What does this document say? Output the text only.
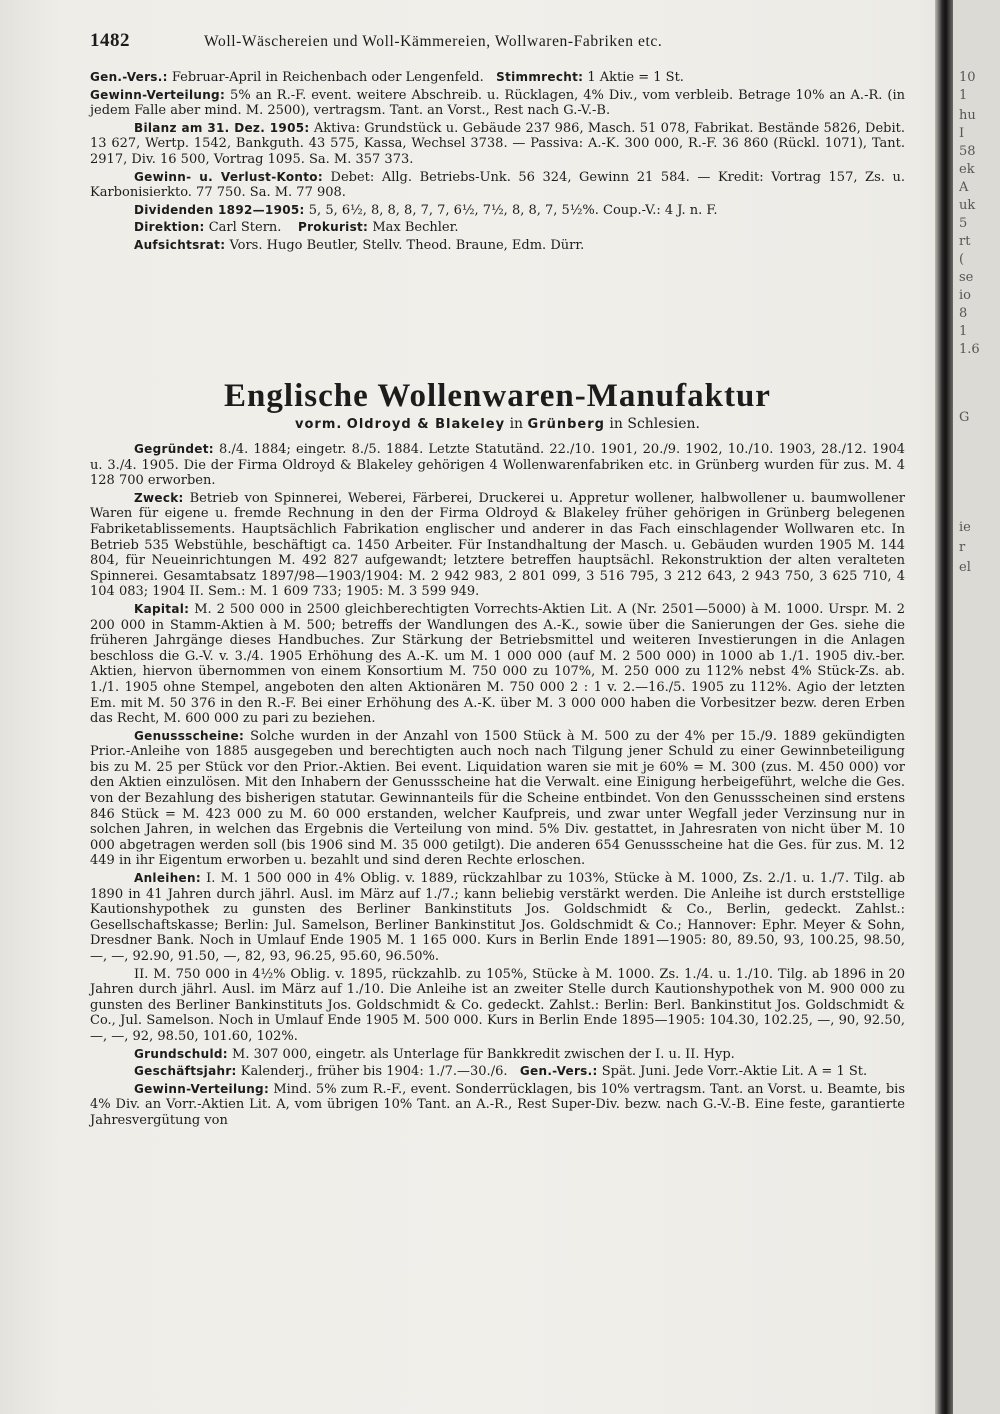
1482	Woll-Wäschereien und Woll-Kämmereien, Wollwaren-Fabriken etc.

Gen.-Vers.: Februar-April in Reichenbach oder Lengenfeld. Stimmrecht: 1 Aktie = 1 St.

Gewinn-Verteilung: 5% an R.-F. event. weitere Abschreib. u. Rücklagen, 4% Div., vom verbleib. Betrage 10% an A.-R. (in jedem Falle aber mind. M. 2500), vertragsm. Tant. an Vorst., Rest nach G.-V.-B.

Bilanz am 31. Dez. 1905: Aktiva: Grundstück u. Gebäude 237 986, Masch. 51 078, Fabrikat. Bestände 5826, Debit. 13 627, Wertp. 1542, Bankguth. 43 575, Kassa, Wechsel 3738. — Passiva: A.-K. 300 000, R.-F. 36 860 (Rückl. 1071), Tant. 2917, Div. 16 500, Vortrag 1095. Sa. M. 357 373.

Gewinn- u. Verlust-Konto: Debet: Allg. Betriebs-Unk. 56 324, Gewinn 21 584. — Kredit: Vortrag 157, Zs. u. Karbonisierkto. 77 750. Sa. M. 77 908.

Dividenden 1892—1905: 5, 5, 6½, 8, 8, 8, 7, 7, 6½, 7½, 8, 8, 7, 5½%. Coup.-V.: 4 J. n. F.

Direktion: Carl Stern. Prokurist: Max Bechler.

Aufsichtsrat: Vors. Hugo Beutler, Stellv. Theod. Braune, Edm. Dürr.

Englische Wollenwaren-Manufaktur
vorm. Oldroyd & Blakeley in Grünberg in Schlesien.

Gegründet: 8./4. 1884; eingetr. 8./5. 1884. Letzte Statutänd. 22./10. 1901, 20./9. 1902, 10./10. 1903, 28./12. 1904 u. 3./4. 1905. Die der Firma Oldroyd & Blakeley gehörigen 4 Wollenwarenfabriken etc. in Grünberg wurden für zus. M. 4 128 700 erworben.

Zweck: Betrieb von Spinnerei, Weberei, Färberei, Druckerei u. Appretur wollener, halbwollener u. baumwollener Waren für eigene u. fremde Rechnung in den der Firma Oldroyd & Blakeley früher gehörigen in Grünberg belegenen Fabriketablissements. Hauptsächlich Fabrikation englischer und anderer in das Fach einschlagender Wollwaren etc. In Betrieb 535 Webstühle, beschäftigt ca. 1450 Arbeiter. Für Instandhaltung der Masch. u. Gebäuden wurden 1905 M. 144 804, für Neueinrichtungen M. 492 827 aufgewandt; letztere betreffen hauptsächl. Rekonstruktion der alten veralteten Spinnerei. Gesamtabsatz 1897/98—1903/1904: M. 2 942 983, 2 801 099, 3 516 795, 3 212 643, 2 943 750, 3 625 710, 4 104 083; 1904 II. Sem.: M. 1 609 733; 1905: M. 3 599 949.

Kapital: M. 2 500 000 in 2500 gleichberechtigten Vorrechts-Aktien Lit. A (Nr. 2501—5000) à M. 1000. Urspr. M. 2 200 000 in Stamm-Aktien à M. 500; betreffs der Wandlungen des A.-K., sowie über die Sanierungen der Ges. siehe die früheren Jahrgänge dieses Handbuches. Zur Stärkung der Betriebsmittel und weiteren Investierungen in die Anlagen beschloss die G.-V. v. 3./4. 1905 Erhöhung des A.-K. um M. 1 000 000 (auf M. 2 500 000) in 1000 ab 1./1. 1905 div.-ber. Aktien, hiervon übernommen von einem Konsortium M. 750 000 zu 107%, M. 250 000 zu 112% nebst 4% Stück-Zs. ab. 1./1. 1905 ohne Stempel, angeboten den alten Aktionären M. 750 000 2 : 1 v. 2.—16./5. 1905 zu 112%. Agio der letzten Em. mit M. 50 376 in den R.-F. Bei einer Erhöhung des A.-K. über M. 3 000 000 haben die Vorbesitzer bezw. deren Erben das Recht, M. 600 000 zu pari zu beziehen.

Genussscheine: Solche wurden in der Anzahl von 1500 Stück à M. 500 zu der 4% per 15./9. 1889 gekündigten Prior.-Anleihe von 1885 ausgegeben und berechtigten auch noch nach Tilgung jener Schuld zu einer Gewinnbeteiligung bis zu M. 25 per Stück vor den Prior.-Aktien. Bei event. Liquidation waren sie mit je 60% = M. 300 (zus. M. 450 000) vor den Aktien einzulösen. Mit den Inhabern der Genussscheine hat die Verwalt. eine Einigung herbeigeführt, welche die Ges. von der Bezahlung des bisherigen statutar. Gewinnanteils für die Scheine entbindet. Von den Genussscheinen sind erstens 846 Stück = M. 423 000 zu M. 60 000 erstanden, welcher Kaufpreis, und zwar unter Wegfall jeder Verzinsung nur in solchen Jahren, in welchen das Ergebnis die Verteilung von mind. 5% Div. gestattet, in Jahresraten von nicht über M. 10 000 abgetragen werden soll (bis 1906 sind M. 35 000 getilgt). Die anderen 654 Genussscheine hat die Ges. für zus. M. 12 449 in ihr Eigentum erworben u. bezahlt und sind deren Rechte erloschen.

Anleihen: I. M. 1 500 000 in 4% Oblig. v. 1889, rückzahlbar zu 103%, Stücke à M. 1000, Zs. 2./1. u. 1./7. Tilg. ab 1890 in 41 Jahren durch jährl. Ausl. im März auf 1./7.; kann beliebig verstärkt werden. Die Anleihe ist durch erststellige Kautionshypothek zu gunsten des Berliner Bankinstituts Jos. Goldschmidt & Co., Berlin, gedeckt. Zahlst.: Gesellschaftskasse; Berlin: Jul. Samelson, Berliner Bankinstitut Jos. Goldschmidt & Co.; Hannover: Ephr. Meyer & Sohn, Dresdner Bank. Noch in Umlauf Ende 1905 M. 1 165 000. Kurs in Berlin Ende 1891—1905: 80, 89.50, 93, 100.25, 98.50, —, —, 92.90, 91.50, —, 82, 93, 96.25, 95.60, 96.50%.

II. M. 750 000 in 4½% Oblig. v. 1895, rückzahlb. zu 105%, Stücke à M. 1000. Zs. 1./4. u. 1./10. Tilg. ab 1896 in 20 Jahren durch jährl. Ausl. im März auf 1./10. Die Anleihe ist an zweiter Stelle durch Kautionshypothek von M. 900 000 zu gunsten des Berliner Bankinstituts Jos. Goldschmidt & Co. gedeckt. Zahlst.: Berlin: Berl. Bankinstitut Jos. Goldschmidt & Co., Jul. Samelson. Noch in Umlauf Ende 1905 M. 500 000. Kurs in Berlin Ende 1895—1905: 104.30, 102.25, —, 90, 92.50, —, —, 92, 98.50, 101.60, 102%.

Grundschuld: M. 307 000, eingetr. als Unterlage für Bankkredit zwischen der I. u. II. Hyp.

Geschäftsjahr: Kalenderj., früher bis 1904: 1./7.—30./6. Gen.-Vers.: Spät. Juni. Jede Vorr.-Aktie Lit. A = 1 St.

Gewinn-Verteilung: Mind. 5% zum R.-F., event. Sonderrücklagen, bis 10% vertragsm. Tant. an Vorst. u. Beamte, bis 4% Div. an Vorr.-Aktien Lit. A, vom übrigen 10% Tant. an A.-R., Rest Super-Div. bezw. nach G.-V.-B. Eine feste, garantierte Jahresvergütung von

10
1
hu
I
58
ek
A
uk
5
rt
(
se
io
8
1
1.6
G
ie
r
el
